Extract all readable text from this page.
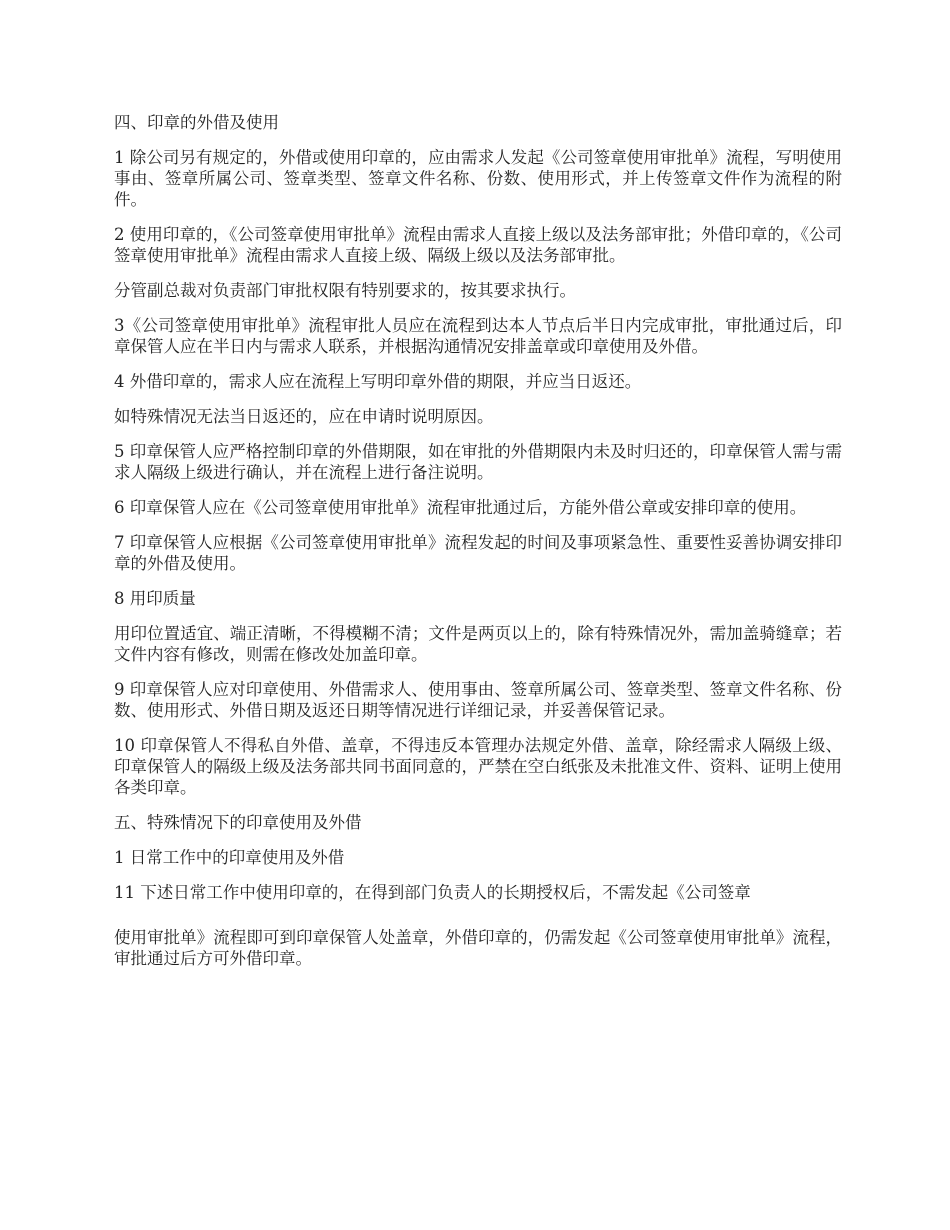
四、印章的外借及使用

1 除公司另有规定的，外借或使用印章的，应由需求人发起《公司签章使用审批单》流程，写明使用事由、签章所属公司、签章类型、签章文件名称、份数、使用形式，并上传签章文件作为流程的附件。

2 使用印章的，《公司签章使用审批单》流程由需求人直接上级以及法务部审批；外借印章的，《公司签章使用审批单》流程由需求人直接上级、隔级上级以及法务部审批。

分管副总裁对负责部门审批权限有特别要求的，按其要求执行。

3《公司签章使用审批单》流程审批人员应在流程到达本人节点后半日内完成审批，审批通过后，印章保管人应在半日内与需求人联系，并根据沟通情况安排盖章或印章使用及外借。

4 外借印章的，需求人应在流程上写明印章外借的期限，并应当日返还。

如特殊情况无法当日返还的，应在申请时说明原因。

5 印章保管人应严格控制印章的外借期限，如在审批的外借期限内未及时归还的，印章保管人需与需求人隔级上级进行确认，并在流程上进行备注说明。

6 印章保管人应在《公司签章使用审批单》流程审批通过后，方能外借公章或安排印章的使用。

7 印章保管人应根据《公司签章使用审批单》流程发起的时间及事项紧急性、重要性妥善协调安排印章的外借及使用。

8 用印质量

用印位置适宜、端正清晰，不得模糊不清；文件是两页以上的，除有特殊情况外，需加盖骑缝章；若文件内容有修改，则需在修改处加盖印章。

9 印章保管人应对印章使用、外借需求人、使用事由、签章所属公司、签章类型、签章文件名称、份数、使用形式、外借日期及返还日期等情况进行详细记录，并妥善保管记录。

10 印章保管人不得私自外借、盖章，不得违反本管理办法规定外借、盖章，除经需求人隔级上级、印章保管人的隔级上级及法务部共同书面同意的，严禁在空白纸张及未批准文件、资料、证明上使用各类印章。

五、特殊情况下的印章使用及外借

1 日常工作中的印章使用及外借

11 下述日常工作中使用印章的，在得到部门负责人的长期授权后，不需发起《公司签章

使用审批单》流程即可到印章保管人处盖章，外借印章的，仍需发起《公司签章使用审批单》流程，审批通过后方可外借印章。
